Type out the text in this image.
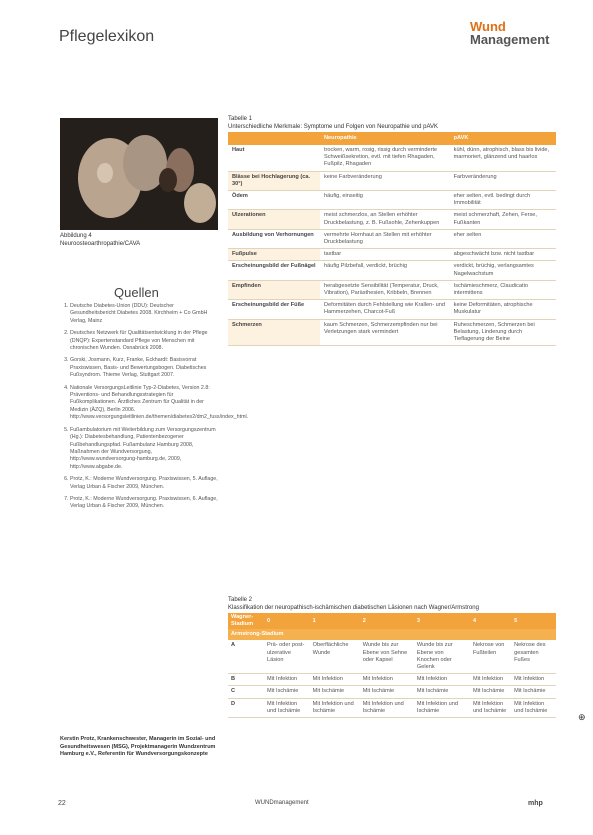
Pflegelexikon
Wund
Management
Abbildung 4
Neuroosteoarthropathie/CAVA
Quellen
1. Deutsche Diabetes-Union (DDU): Deutscher Gesundheitsbericht Diabetes 2008. Kirchheim + Co GmbH Verlag, Mainz
2. Deutsches Netzwerk für Qualitätsentwicklung in der Pflege (DNQP): Expertenstandard Pflege von Menschen mit chronischen Wunden. Osnabrück 2008.
3. Gorski, Josmann, Kurz, Franke, Eckhardt: Basisvorrat Praxiswissen, Basis- und Bewertungsbogen. Diabetisches Fußsyndrom. Thieme Verlag, Stuttgart 2007.
4. Nationale VersorgungsLeitlinie Typ-2-Diabetes, Version 2.8: Präventions- und Behandlungsstrategien für Fußkomplikationen. Ärztliches Zentrum für Qualität in der Medizin (ÄZQ), Berlin 2006. http://www.versorgungsleitlinien.de/themen/diabetes2/dm2_fuss/index_html.
5. Fußambulatorium mit Weiterbildung zum Versorgungszentrum (Hg.): Diabetesbehandlung, Patientenbezogener Fußbehandlungspfad. Fußambulanz Hamburg 2008, Maßnahmen der Wundversorgung, http://www.wundversorgung-hamburg.de, 2009, http://www.abgabe.de.
6. Protz, K.: Moderne Wundversorgung. Praxiswissen, 5. Auflage, Verlag Urban & Fischer 2009, München.
7. Protz, K.: Moderne Wundversorgung. Praxiswissen, 6. Auflage, Verlag Urban & Fischer 2009, München.
Kerstin Protz, Krankenschwester, Managerin im Sozial- und Gesundheitswesen (MSG), Projektmanagerin Wundzentrum Hamburg e.V., Referentin für Wundversorgungskonzepte
Tabelle 1
Unterschiedliche Merkmale: Symptome und Folgen von Neuropathie und pAVK
	Neuropathie	pAVK
Haut	trocken, warm, rosig, rissig durch verminderte Schweißsekretion, evtl. mit tiefen Rhagaden, Fußpilz, Rhagaden	kühl, dünn, atrophisch, blass bis livide, marmoriert, glänzend und haarlos
Blässe bei Hochlagerung (ca. 30°)	keine Farbveränderung	Farbveränderung
Ödem	häufig, einseitig	eher selten, evtl. bedingt durch Immobilität
Ulzerationen	meist schmerzlos, an Stellen erhöhter Druckbelastung, z. B. Fußsohle, Zehenkuppen	meist schmerzhaft, Zehen, Ferse, Fußkanten
Ausbildung von Verhornungen	vermehrte Hornhaut an Stellen mit erhöhter Druckbelastung	eher selten
Fußpulse	tastbar	abgeschwächt bzw. nicht tastbar
Erscheinungsbild der Fußnägel	häufig Pilzbefall, verdickt, brüchig	verdickt, brüchig, verlangsamtes Nagelwachstum
Empfinden	herabgesetzte Sensibilität (Temperatur, Druck, Vibration), Parästhesien, Kribbeln, Brennen	Ischämieschmerz, Claudicatio intermittens
Erscheinungsbild der Füße	Deformitäten durch Fehlstellung wie Krallen- und Hammerzehen, Charcot-Fuß	keine Deformitäten, atrophische Muskulatur
Schmerzen	kaum Schmerzen, Schmerzempfinden nur bei Verletzungen stark vermindert	Ruheschmerzen, Schmerzen bei Belastung, Linderung durch Tieflagerung der Beine
Tabelle 2
Klassifikation der neuropathisch-ischämischen diabetischen Läsionen nach Wagner/Armstrong
Wagner-Stadium	0	1	2	3	4	5
Armstrong-Stadium						
A	Prä- oder post-ulzerative Läsion	Oberflächliche Wunde	Wunde bis zur Ebene von Sehne oder Kapsel	Wunde bis zur Ebene von Knochen oder Gelenk	Nekrose von Fußteilen	Nekrose des gesamten Fußes
B	Mit Infektion	Mit Infektion	Mit Infektion	Mit Infektion	Mit Infektion	Mit Infektion
C	Mit Ischämie	Mit Ischämie	Mit Ischämie	Mit Ischämie	Mit Ischämie	Mit Ischämie
D	Mit Infektion und Ischämie	Mit Infektion und Ischämie	Mit Infektion und Ischämie	Mit Infektion und Ischämie	Mit Infektion und Ischämie	Mit Infektion und Ischämie
22	WUNDmanagement	mhp
⊕
